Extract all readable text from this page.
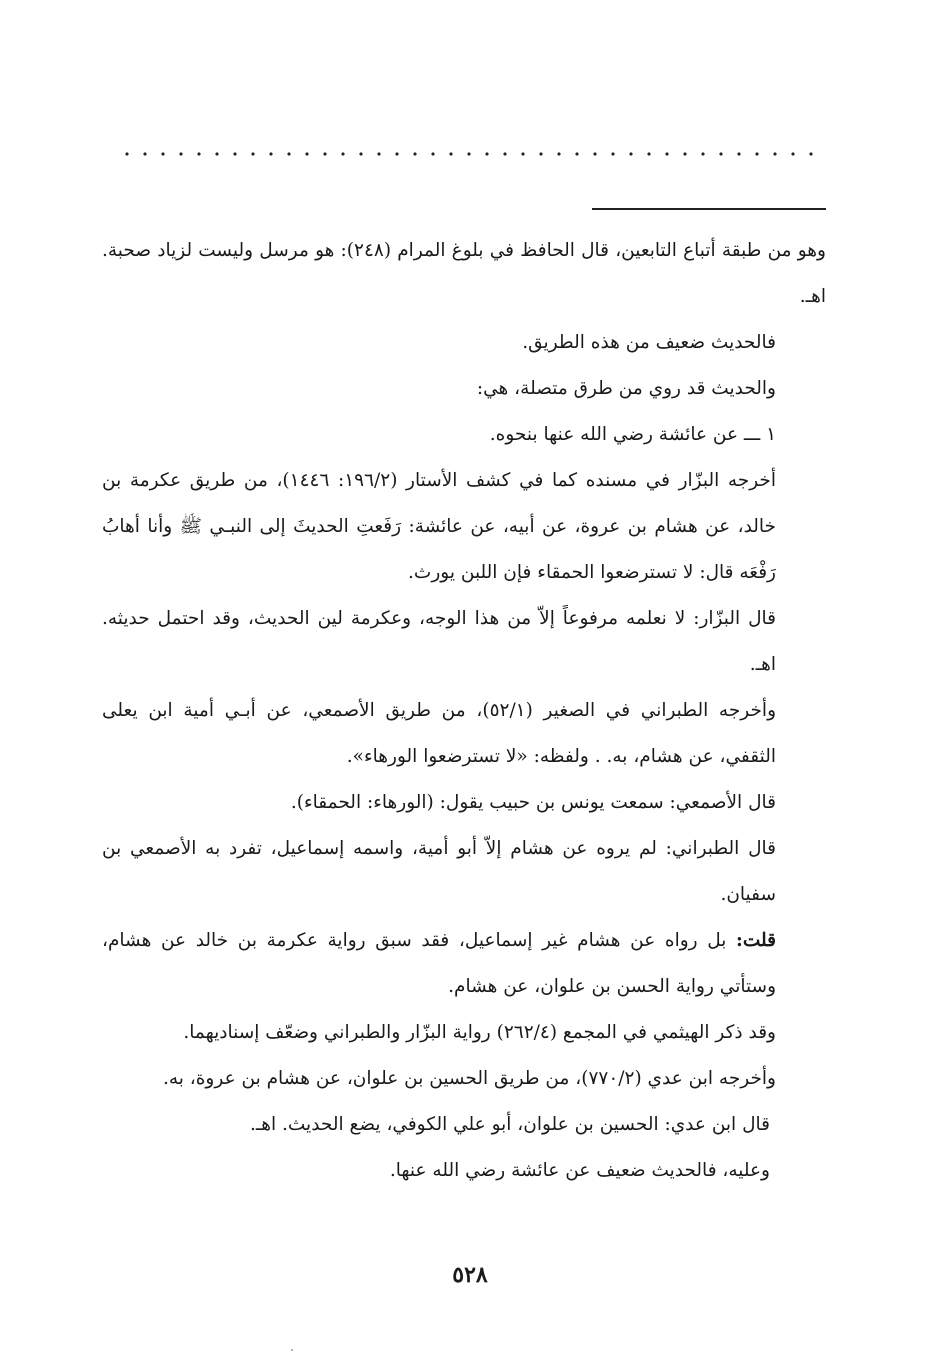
وهو من طبقة أتباع التابعين، قال الحافظ في بلوغ المرام (٢٤٨): هو مرسل وليست لزياد صحبة. اهـ.

فالحديث ضعيف من هذه الطريق.

والحديث قد روي من طرق متصلة، هي:

١ ـــ عن عائشة رضي الله عنها بنحوه.

أخرجه البزّار في مسنده كما في كشف الأستار (١٩٦/٢: ١٤٤٦)، من طريق عكرمة بن خالد، عن هشام بن عروة، عن أبيه، عن عائشة: رَفَعتِ الحديثَ إلى النبـي ﷺ وأنا أهابُ رَفْعَه قال: لا تسترضعوا الحمقاء فإن اللبن يورث.

قال البزّار: لا نعلمه مرفوعاً إلاّ من هذا الوجه، وعكرمة لين الحديث، وقد احتمل حديثه. اهـ.

وأخرجه الطبراني في الصغير (٥٢/١)، من طريق الأصمعي، عن أبـي أمية ابن يعلى الثقفي، عن هشام، به. . ولفظه: «لا تسترضعوا الورهاء».

قال الأصمعي: سمعت يونس بن حبيب يقول: (الورهاء: الحمقاء).

قال الطبراني: لم يروه عن هشام إلاّ أبو أمية، واسمه إسماعيل، تفرد به الأصمعي بن سفيان.

قلت: بل رواه عن هشام غير إسماعيل، فقد سبق رواية عكرمة بن خالد عن هشام، وستأتي رواية الحسن بن علوان، عن هشام.

وقد ذكر الهيثمي في المجمع (٢٦٢/٤) رواية البزّار والطبراني وضعّف إسناديهما.

وأخرجه ابن عدي (٧٧٠/٢)، من طريق الحسين بن علوان، عن هشام بن عروة، به.

قال ابن عدي: الحسين بن علوان، أبو علي الكوفي، يضع الحديث. اهـ.

وعليه، فالحديث ضعيف عن عائشة رضي الله عنها.

٥٢٨
